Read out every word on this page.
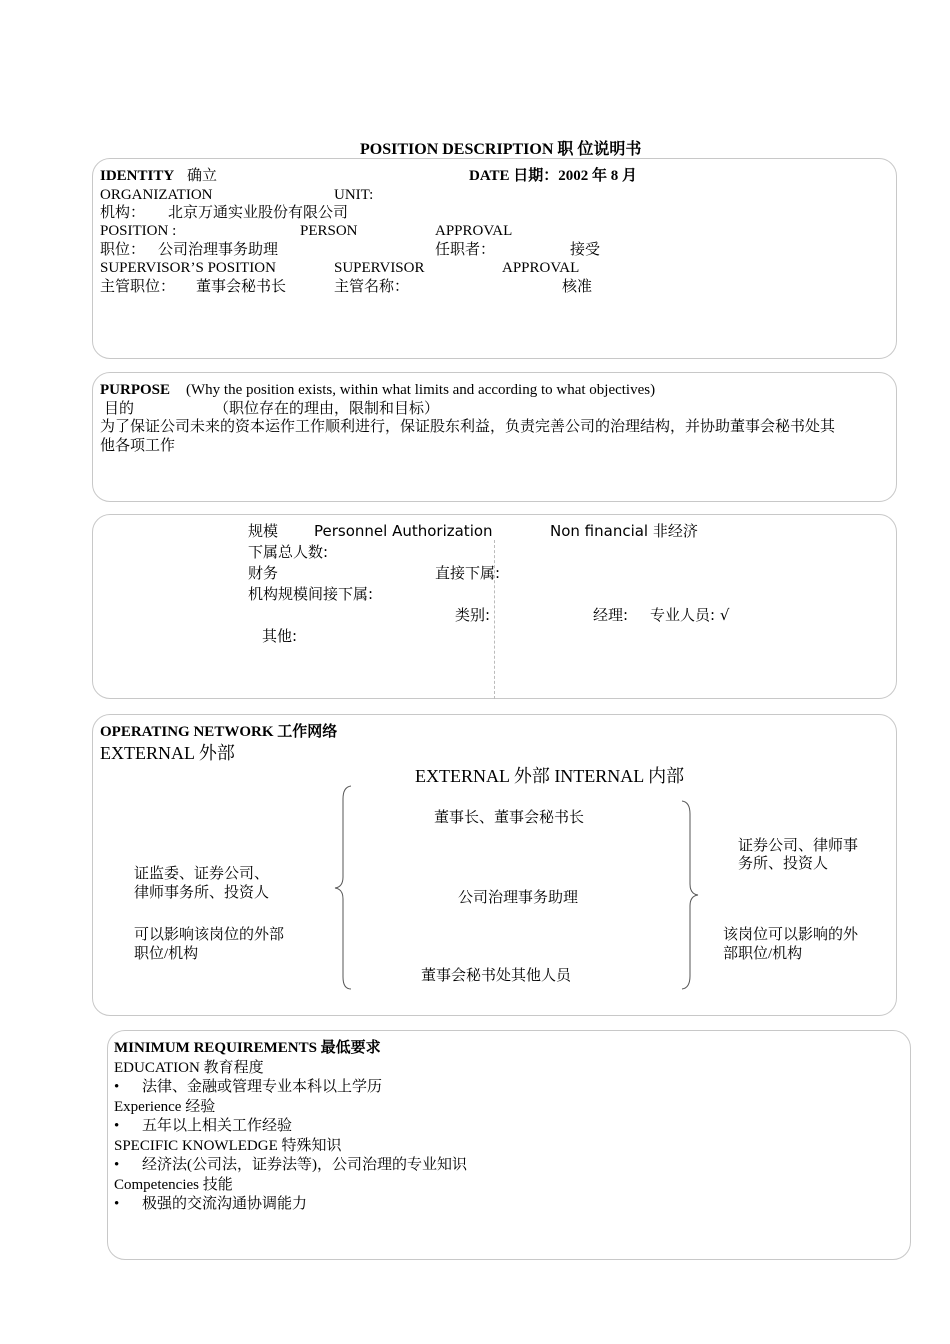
POSITION DESCRIPTION 职 位说明书
IDENTITY 确立	DATE 日期：2002 年 8 月
ORGANIZATION	UNIT:
机构： 北京万通实业股份有限公司
POSITION :	PERSON	APPROVAL
职位： 公司治理事务助理	任职者：	接受
SUPERVISOR’S POSITION	SUPERVISOR	APPROVAL
主管职位： 董事会秘书长	主管名称：	核准
PURPOSE (Why the position exists, within what limits and according to what objectives)
目的	（职位存在的理由，限制和目标）
为了保证公司未来的资本运作工作顺利进行，保证股东利益，负责完善公司的治理结构，并协助董事会秘书处其
他各项工作
规模 Personnel Authorization	Non financial 非经济
下属总人数:
财务	直接下属:
机构规模间接下属:
类别:	经理: 专业人员: √
其他:
OPERATING NETWORK 工作网络
EXTERNAL 外部
EXTERNAL 外部 INTERNAL 内部
董事长、董事会秘书长
公司治理事务助理
董事会秘书处其他人员
证监委、证券公司、
律师事务所、投资人
可以影响该岗位的外部
职位/机构
证券公司、律师事
务所、投资人
该岗位可以影响的外
部职位/机构
MINIMUM REQUIREMENTS 最低要求
EDUCATION 教育程度
• 法律、金融或管理专业本科以上学历
Experience 经验
• 五年以上相关工作经验
SPECIFIC KNOWLEDGE 特殊知识
• 经济法(公司法，证券法等)，公司治理的专业知识
Competencies 技能
• 极强的交流沟通协调能力
